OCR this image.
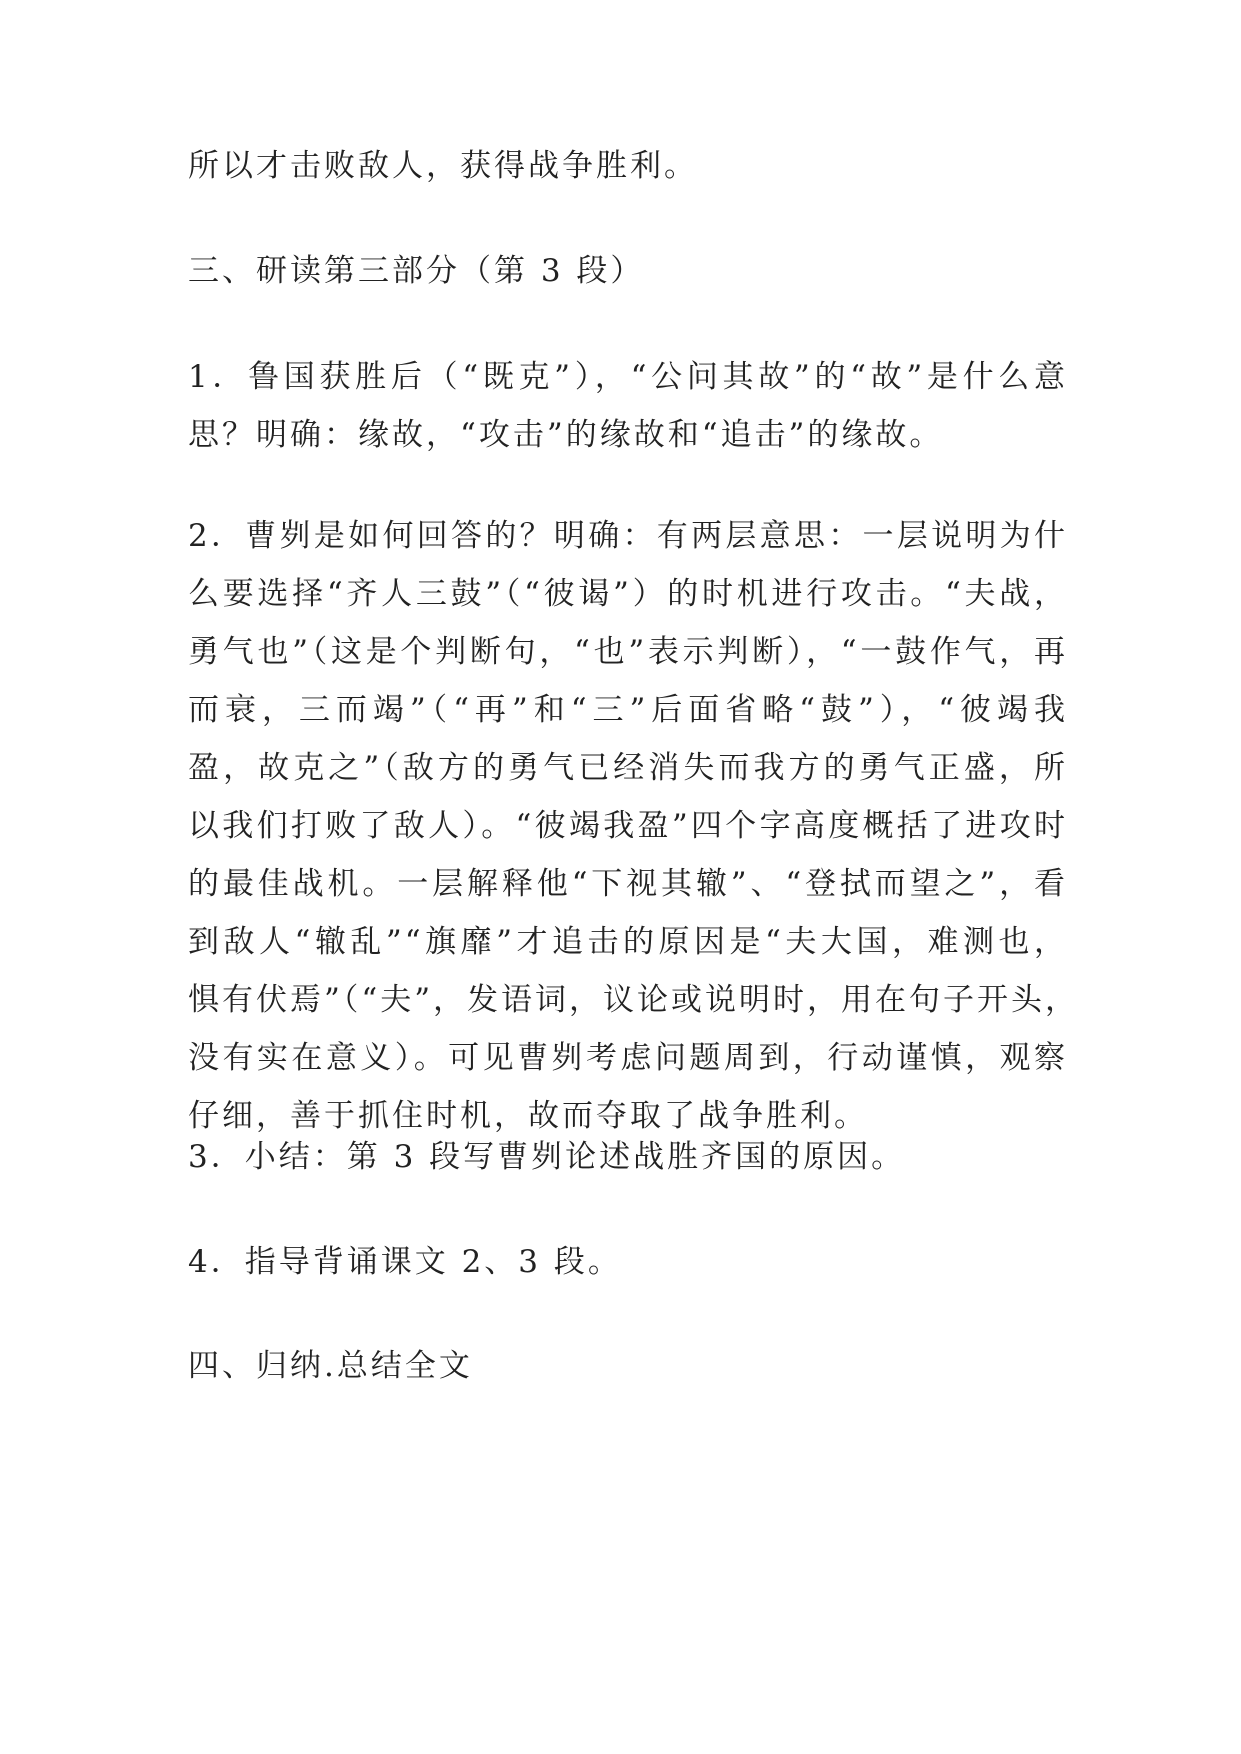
所以才击败敌人，获得战争胜利。
三、研读第三部分（第 3 段）
1．鲁国获胜后（“既克”），“公问其故”的“故”是什么意
思？明确：缘故，“攻击”的缘故和“追击”的缘故。
2．曹刿是如何回答的？明确：有两层意思：一层说明为什
么要选择“齐人三鼓”（“彼谒”）的时机进行攻击。“夫战，
勇气也”（这是个判断句，“也”表示判断），“一鼓作气，再
而衰，三而竭”（“再”和“三”后面省略“鼓”），“彼竭我
盈，故克之”（敌方的勇气已经消失而我方的勇气正盛，所
以我们打败了敌人）。“彼竭我盈”四个字高度概括了进攻时
的最佳战机。一层解释他“下视其辙”、“登拭而望之”，看
到敌人“辙乱”“旗靡”才追击的原因是“夫大国，难测也，
惧有伏焉”（“夫”，发语词，议论或说明时，用在句子开头，
没有实在意义）。可见曹刿考虑问题周到，行动谨慎，观察
仔细，善于抓住时机，故而夺取了战争胜利。
3．小结：第 3 段写曹刿论述战胜齐国的原因。
4．指导背诵课文 2、3 段。
四、归纳.总结全文
